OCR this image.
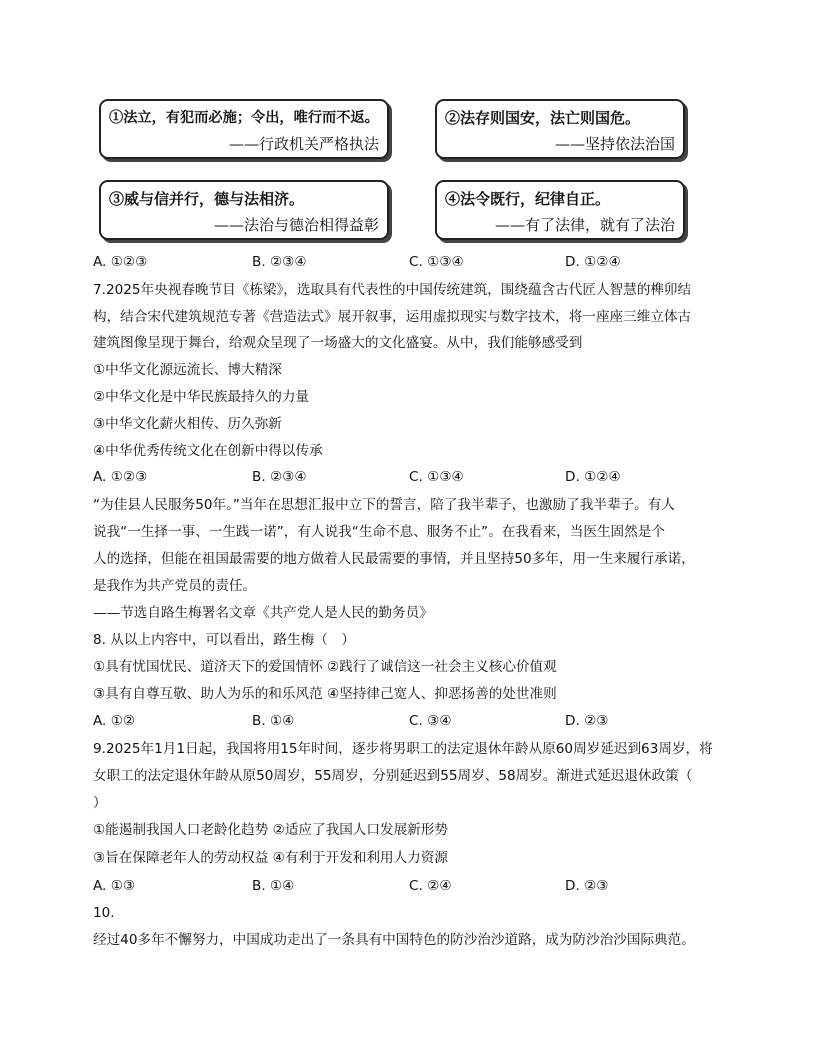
①法立，有犯而必施；令出，唯行而不返。
——行政机关严格执法
②法存则国安，法亡则国危。
——坚持依法治国
③威与信并行，德与法相济。
——法治与德治相得益彰
④法令既行，纪律自正。
——有了法律，就有了法治
A. ①②③	B. ②③④	C. ①③④	D. ①②④
7.2025年央视春晚节目《栋梁》，选取具有代表性的中国传统建筑，围绕蕴含古代匠人智慧的榫卯结
构，结合宋代建筑规范专著《营造法式》展开叙事，运用虚拟现实与数字技术，将一座座三维立体古
建筑图像呈现于舞台，给观众呈现了一场盛大的文化盛宴。从中，我们能够感受到
①中华文化源远流长、博大精深
②中华文化是中华民族最持久的力量
③中华文化薪火相传、历久弥新
④中华优秀传统文化在创新中得以传承
A. ①②③	B. ②③④	C. ①③④	D. ①②④
“为佳县人民服务50年。”当年在思想汇报中立下的誓言，陪了我半辈子，也激励了我半辈子。有人
说我“一生择一事、一生践一诺”，有人说我“生命不息、服务不止”。在我看来，当医生固然是个
人的选择，但能在祖国最需要的地方做着人民最需要的事情，并且坚持50多年，用一生来履行承诺，
是我作为共产党员的责任。
——节选自路生梅署名文章《共产党人是人民的勤务员》
8. 从以上内容中，可以看出，路生梅（　）
①具有忧国忧民、道济天下的爱国情怀 ②践行了诚信这一社会主义核心价值观
③具有自尊互敬、助人为乐的和乐风范 ④坚持律己宽人、抑恶扬善的处世准则
A. ①②	B. ①④	C. ③④	D. ②③
9.2025年1月1日起，我国将用15年时间，逐步将男职工的法定退休年龄从原60周岁延迟到63周岁，将
女职工的法定退休年龄从原50周岁，55周岁，分别延迟到55周岁、58周岁。渐进式延迟退休政策（
）
①能遏制我国人口老龄化趋势 ②适应了我国人口发展新形势
③旨在保障老年人的劳动权益 ④有利于开发和利用人力资源
A. ①③	B. ①④	C. ②④	D. ②③
10.
经过40多年不懈努力，中国成功走出了一条具有中国特色的防沙治沙道路，成为防沙治沙国际典范。
